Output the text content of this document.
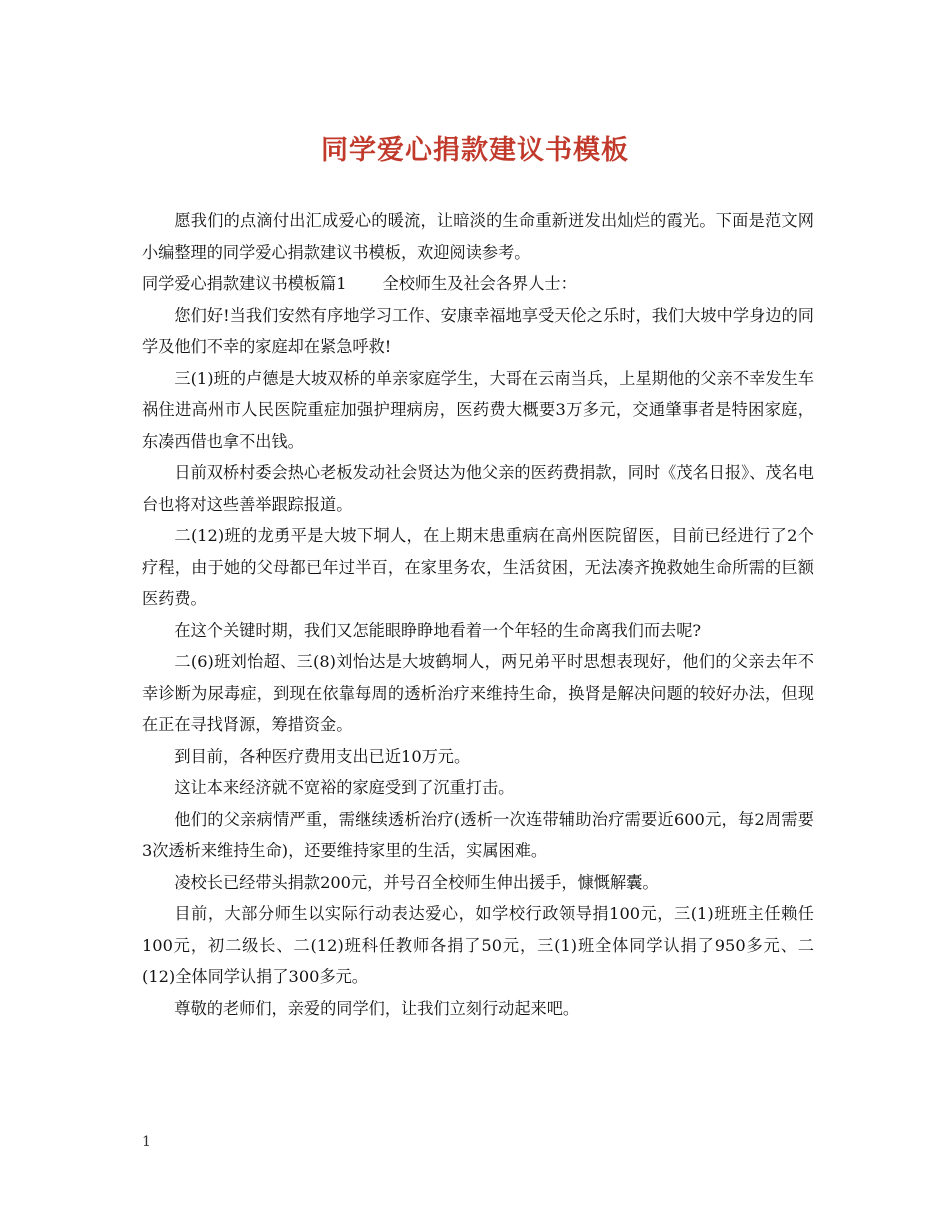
同学爱心捐款建议书模板

愿我们的点滴付出汇成爱心的暖流，让暗淡的生命重新迸发出灿烂的霞光。下面是范文网小编整理的同学爱心捐款建议书模板，欢迎阅读参考。

同学爱心捐款建议书模板篇1 全校师生及社会各界人士：

您们好!当我们安然有序地学习工作、安康幸福地享受天伦之乐时，我们大坡中学身边的同学及他们不幸的家庭却在紧急呼救!

三(1)班的卢德是大坡双桥的单亲家庭学生，大哥在云南当兵，上星期他的父亲不幸发生车祸住进高州市人民医院重症加强护理病房，医药费大概要3万多元，交通肇事者是特困家庭，东凑西借也拿不出钱。

日前双桥村委会热心老板发动社会贤达为他父亲的医药费捐款，同时《茂名日报》、茂名电台也将对这些善举跟踪报道。

二(12)班的龙勇平是大坡下垌人，在上期末患重病在高州医院留医，目前已经进行了2个疗程，由于她的父母都已年过半百，在家里务农，生活贫困，无法凑齐挽救她生命所需的巨额医药费。

在这个关键时期，我们又怎能眼睁睁地看着一个年轻的生命离我们而去呢?

二(6)班刘怡超、三(8)刘怡达是大坡鹤垌人，两兄弟平时思想表现好，他们的父亲去年不幸诊断为尿毒症，到现在依靠每周的透析治疗来维持生命，换肾是解决问题的较好办法，但现在正在寻找肾源，筹措资金。

到目前，各种医疗费用支出已近10万元。

这让本来经济就不宽裕的家庭受到了沉重打击。

他们的父亲病情严重，需继续透析治疗(透析一次连带辅助治疗需要近600元，每2周需要3次透析来维持生命)，还要维持家里的生活，实属困难。

凌校长已经带头捐款200元，并号召全校师生伸出援手，慷慨解囊。

目前，大部分师生以实际行动表达爱心，如学校行政领导捐100元，三(1)班班主任赖任100元，初二级长、二(12)班科任教师各捐了50元，三(1)班全体同学认捐了950多元、二(12)全体同学认捐了300多元。

尊敬的老师们，亲爱的同学们，让我们立刻行动起来吧。

1
